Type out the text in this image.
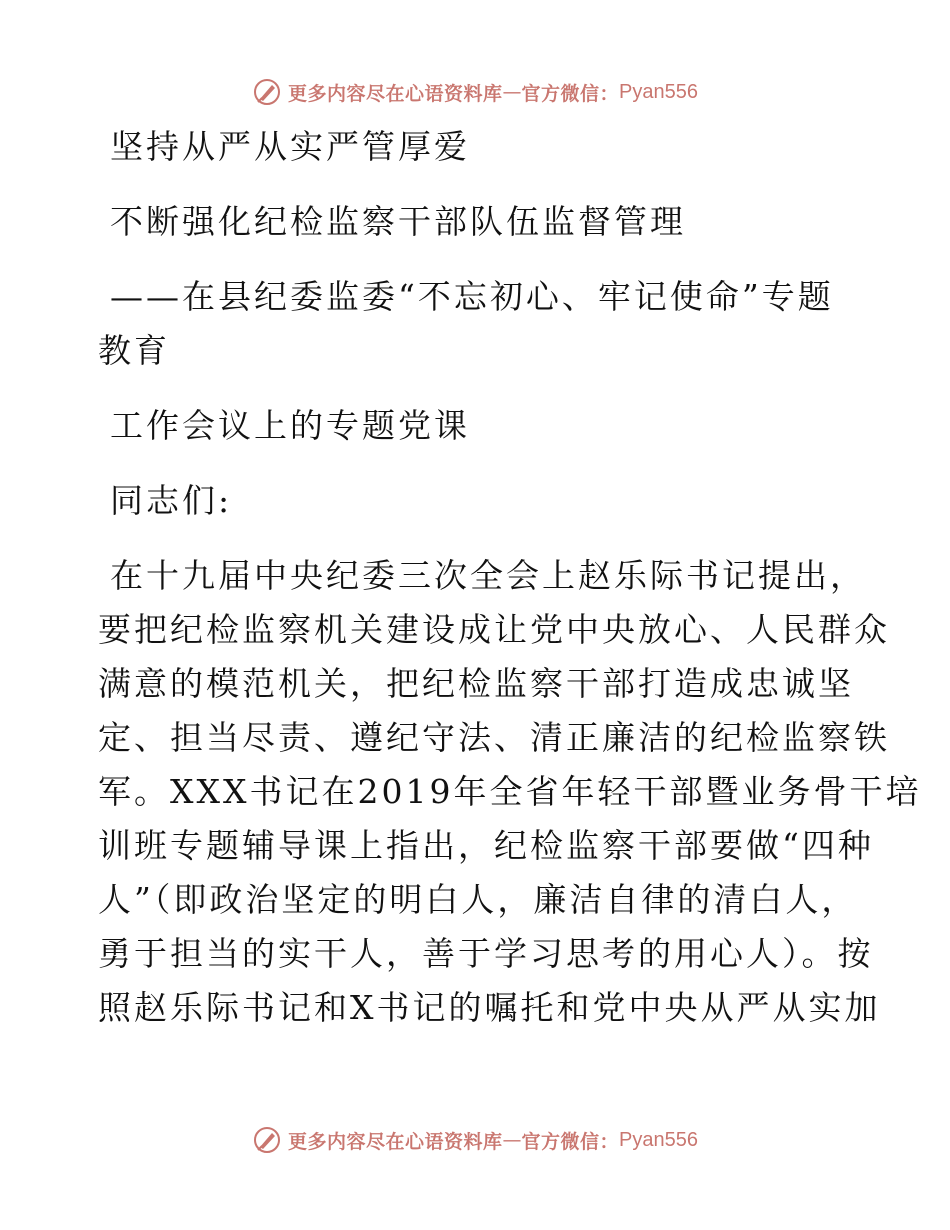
更多内容尽在心语资料库 — 官方微信： Pyan556
坚持从严从实严管厚爱
不断强化纪检监察干部队伍监督管理
——在县纪委监委“不忘初心、牢记使命”专题
教育
工作会议上的专题党课
同志们:
在十九届中央纪委三次全会上赵乐际书记提出，
要把纪检监察机关建设成让党中央放心、人民群众
满意的模范机关，把纪检监察干部打造成忠诚坚
定、担当尽责、遵纪守法、清正廉洁的纪检监察铁
军。XXX书记在2019年全省年轻干部暨业务骨干培
训班专题辅导课上指出，纪检监察干部要做“四种
人”（即政治坚定的明白人，廉洁自律的清白人，
勇于担当的实干人，善于学习思考的用心人）。按
照赵乐际书记和X书记的嘱托和党中央从严从实加
更多内容尽在心语资料库 — 官方微信： Pyan556
